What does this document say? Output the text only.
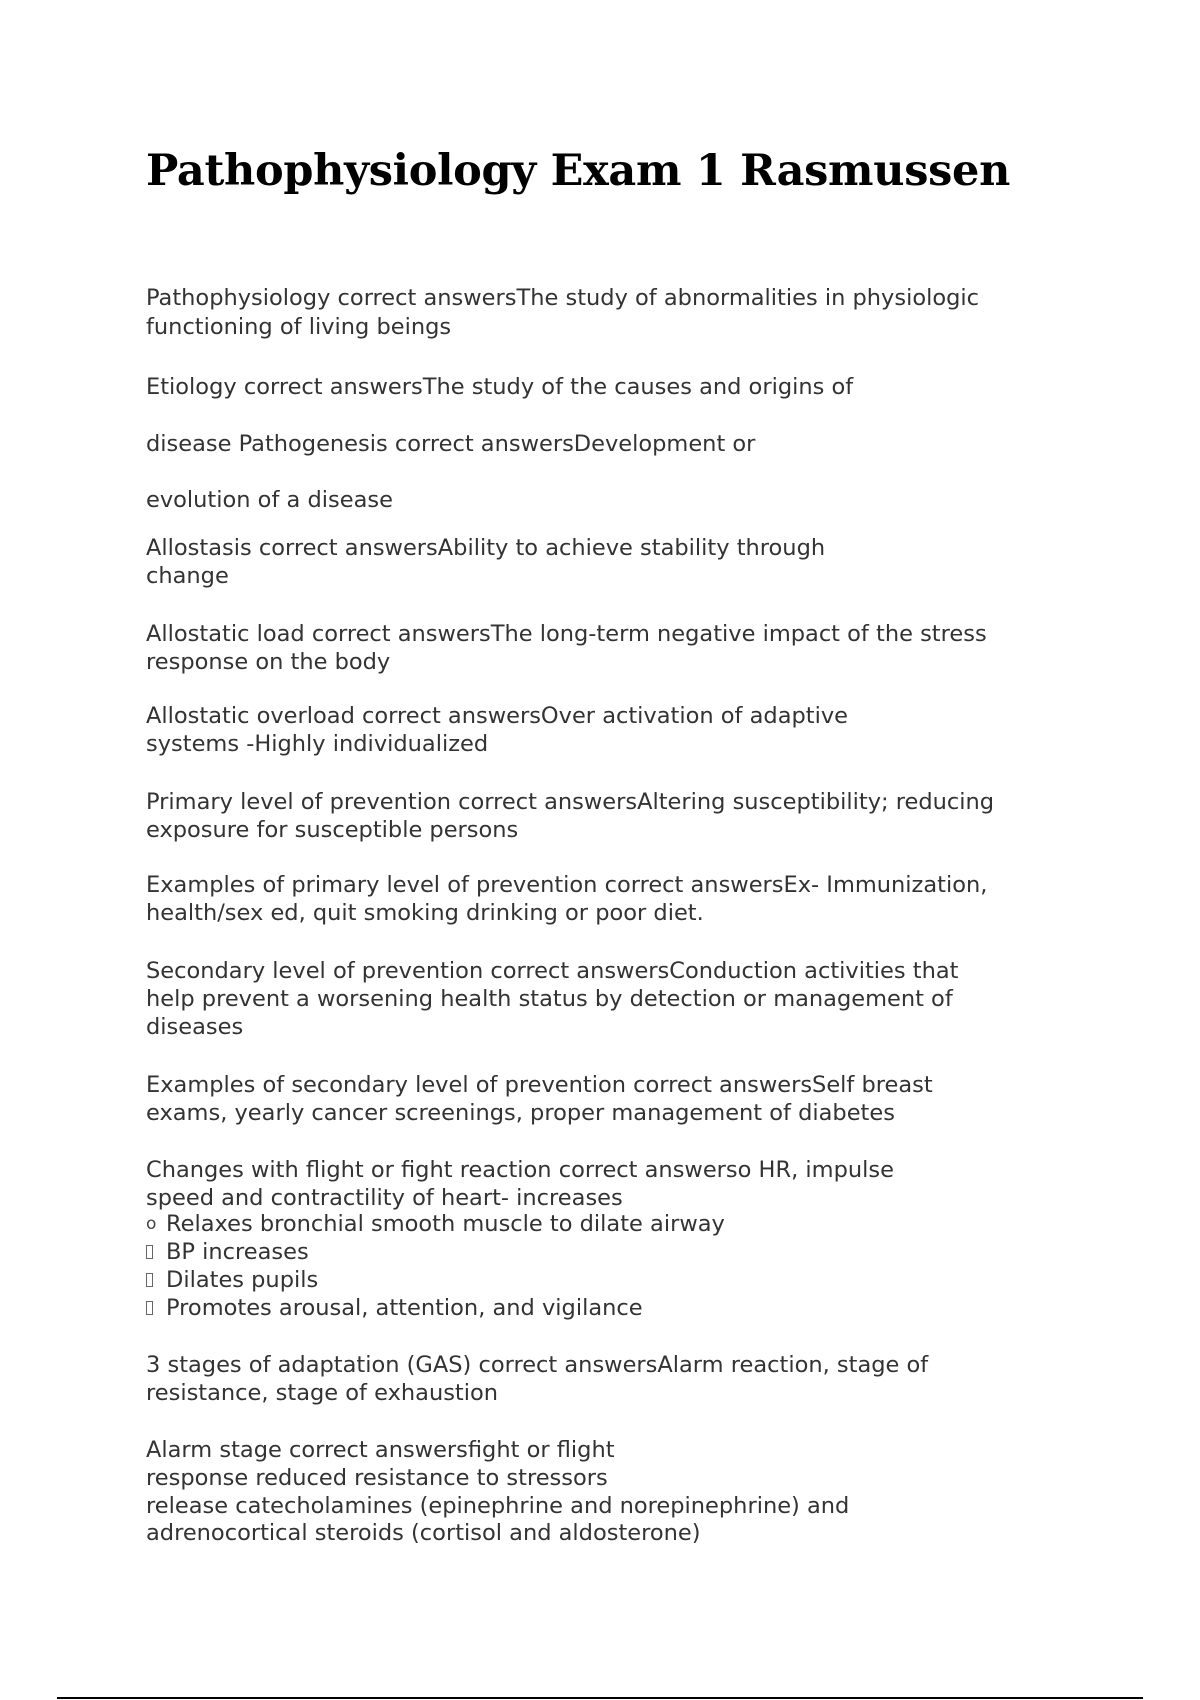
Pathophysiology Exam 1 Rasmussen

Pathophysiology correct answersThe study of abnormalities in physiologic

functioning of living beings

Etiology correct answersThe study of the causes and origins of

disease Pathogenesis correct answersDevelopment or

evolution of a disease

Allostasis correct answersAbility to achieve stability through

change

Allostatic load correct answersThe long-term negative impact of the stress

response on the body

Allostatic overload correct answersOver activation of adaptive

systems -Highly individualized

Primary level of prevention correct answersAltering susceptibility; reducing

exposure for susceptible persons

Examples of primary level of prevention correct answersEx- Immunization,

health/sex ed, quit smoking drinking or poor diet.

Secondary level of prevention correct answersConduction activities that

help prevent a worsening health status by detection or management of

diseases

Examples of secondary level of prevention correct answersSelf breast

exams, yearly cancer screenings, proper management of diabetes

Changes with flight or fight reaction correct answerso HR, impulse

speed and contractility of heart- increases

o Relaxes bronchial smooth muscle to dilate airway

BP increases

Dilates pupils

Promotes arousal, attention, and vigilance

3 stages of adaptation (GAS) correct answersAlarm reaction, stage of

resistance, stage of exhaustion

Alarm stage correct answersfight or flight

response reduced resistance to stressors

release catecholamines (epinephrine and norepinephrine) and

adrenocortical steroids (cortisol and aldosterone)
